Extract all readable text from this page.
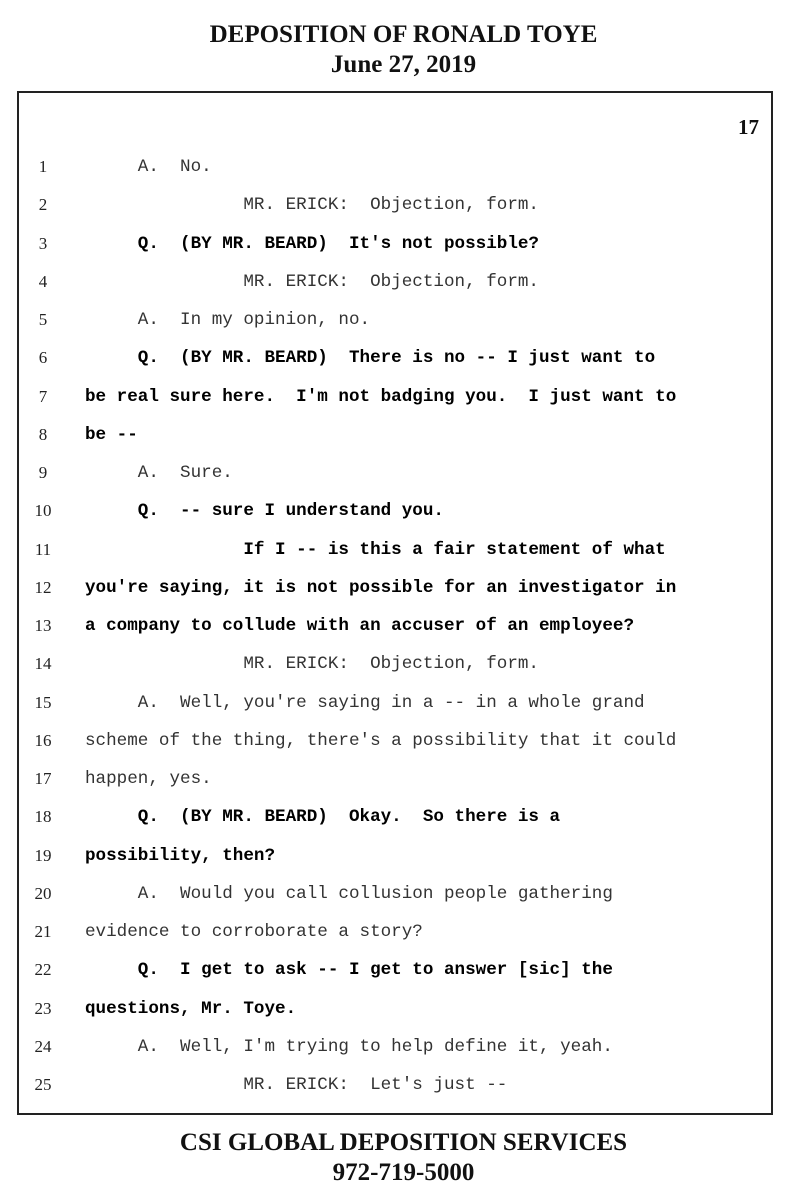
DEPOSITION OF RONALD TOYE
June 27, 2019
17
1	A.  No.
2	MR. ERICK:  Objection, form.
3	Q.  (BY MR. BEARD)  It's not possible?
4	MR. ERICK:  Objection, form.
5	A.  In my opinion, no.
6	Q.  (BY MR. BEARD)  There is no -- I just want to
7	be real sure here.  I'm not badging you.  I just want to
8	be --
9	A.  Sure.
10	Q.  -- sure I understand you.
11	If I -- is this a fair statement of what
12	you're saying, it is not possible for an investigator in
13	a company to collude with an accuser of an employee?
14	MR. ERICK:  Objection, form.
15	A.  Well, you're saying in a -- in a whole grand
16	scheme of the thing, there's a possibility that it could
17	happen, yes.
18	Q.  (BY MR. BEARD)  Okay.  So there is a
19	possibility, then?
20	A.  Would you call collusion people gathering
21	evidence to corroborate a story?
22	Q.  I get to ask -- I get to answer [sic] the
23	questions, Mr. Toye.
24	A.  Well, I'm trying to help define it, yeah.
25	MR. ERICK:  Let's just --
CSI GLOBAL DEPOSITION SERVICES
972-719-5000
